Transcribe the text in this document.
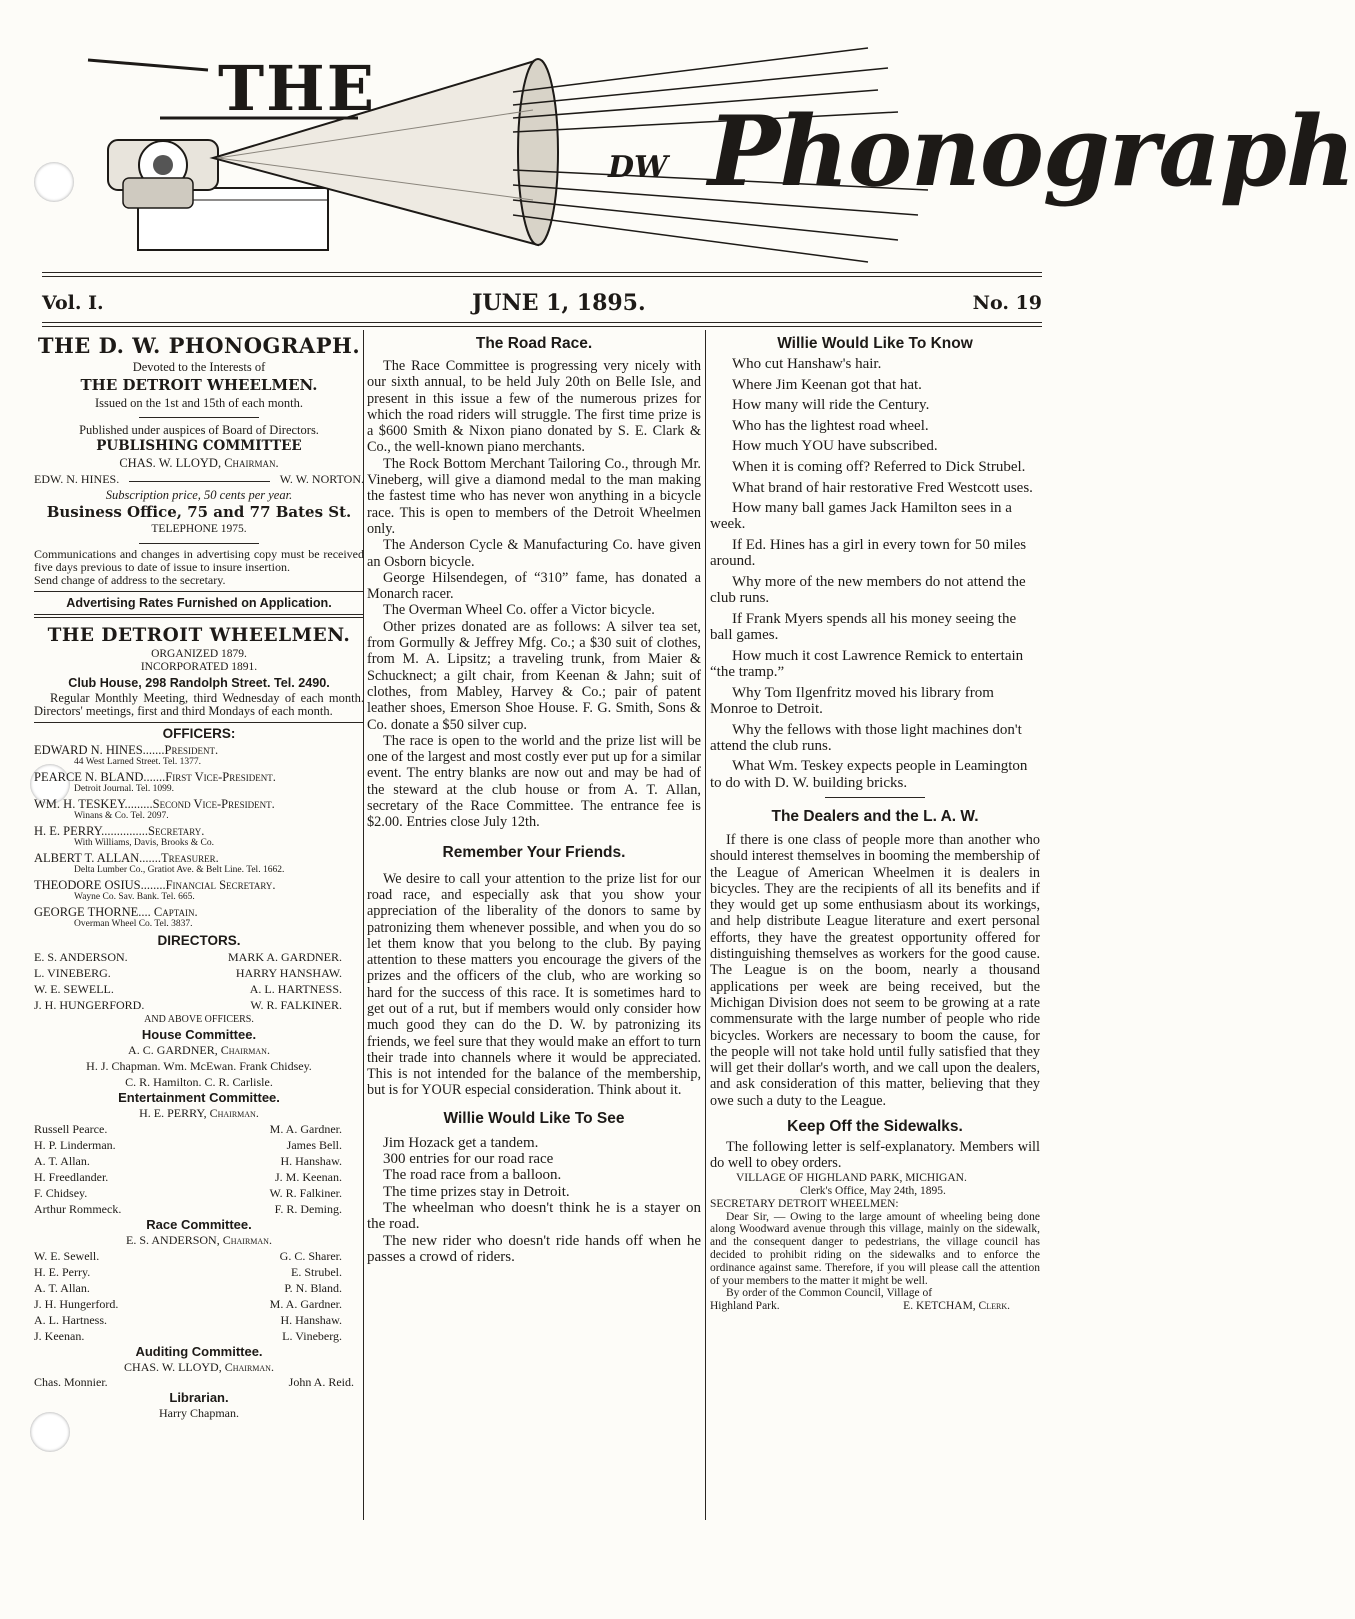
THE
DW Phonograph
Vol. I.	JUNE 1, 1895.	No. 19
THE D. W. PHONOGRAPH.
Devoted to the Interests of
THE DETROIT WHEELMEN.
Issued on the 1st and 15th of each month.
Published under auspices of Board of Directors.
PUBLISHING COMMITTEE
CHAS. W. LLOYD, Chairman.
EDW. N. HINES.	W. W. NORTON.
Subscription price, 50 cents per year.
Business Office, 75 and 77 Bates St.
TELEPHONE 1975.
Communications and changes in advertising copy must be received five days previous to date of issue to insure insertion.
Send change of address to the secretary.
Advertising Rates Furnished on Application.
THE DETROIT WHEELMEN.
ORGANIZED 1879.
INCORPORATED 1891.
Club House, 298 Randolph Street. Tel. 2490.
Regular Monthly Meeting, third Wednesday of each month. Directors' meetings, first and third Mondays of each month.
OFFICERS:
EDWARD N. HINES.......President.
44 West Larned Street. Tel. 1377.
PEARCE N. BLAND.......First Vice-President.
Detroit Journal. Tel. 1099.
WM. H. TESKEY.........Second Vice-President.
Winans & Co. Tel. 2097.
H. E. PERRY...............Secretary.
With Williams, Davis, Brooks & Co.
ALBERT T. ALLAN.......Treasurer.
Delta Lumber Co., Gratiot Ave. & Belt Line. Tel. 1662.
THEODORE OSIUS........Financial Secretary.
Wayne Co. Sav. Bank. Tel. 665.
GEORGE THORNE.... Captain.
Overman Wheel Co. Tel. 3837.
DIRECTORS.
E. S. ANDERSON.	MARK A. GARDNER.
L. VINEBERG.	HARRY HANSHAW.
W. E. SEWELL.	A. L. HARTNESS.
J. H. HUNGERFORD.	W. R. FALKINER.
AND ABOVE OFFICERS.
House Committee.
A. C. GARDNER, Chairman.
H. J. Chapman. Wm. McEwan. Frank Chidsey.
C. R. Hamilton. C. R. Carlisle.
Entertainment Committee.
H. E. PERRY, Chairman.
Russell Pearce.	M. A. Gardner.
H. P. Linderman.	James Bell.
A. T. Allan.	H. Hanshaw.
H. Freedlander.	J. M. Keenan.
F. Chidsey.	W. R. Falkiner.
Arthur Rommeck.	F. R. Deming.
Race Committee.
E. S. ANDERSON, Chairman.
W. E. Sewell.	G. C. Sharer.
H. E. Perry.	E. Strubel.
A. T. Allan.	P. N. Bland.
J. H. Hungerford.	M. A. Gardner.
A. L. Hartness.	H. Hanshaw.
J. Keenan.	L. Vineberg.
Auditing Committee.
CHAS. W. LLOYD, Chairman.
Chas. Monnier.	John A. Reid.
Librarian.
Harry Chapman.
The Road Race.

The Race Committee is progressing very nicely with our sixth annual, to be held July 20th on Belle Isle, and present in this issue a few of the numerous prizes for which the road riders will struggle. The first time prize is a $600 Smith & Nixon piano donated by S. E. Clark & Co., the well-known piano merchants.

The Rock Bottom Merchant Tailoring Co., through Mr. Vineberg, will give a diamond medal to the man making the fastest time who has never won anything in a bicycle race. This is open to members of the Detroit Wheelmen only.

The Anderson Cycle & Manufacturing Co. have given an Osborn bicycle.

George Hilsendegen, of “310” fame, has donated a Monarch racer.

The Overman Wheel Co. offer a Victor bicycle.

Other prizes donated are as follows: A silver tea set, from Gormully & Jeffrey Mfg. Co.; a $30 suit of clothes, from M. A. Lipsitz; a traveling trunk, from Maier & Schucknect; a gilt chair, from Keenan & Jahn; suit of clothes, from Mabley, Harvey & Co.; pair of patent leather shoes, Emerson Shoe House. F. G. Smith, Sons & Co. donate a $50 silver cup.

The race is open to the world and the prize list will be one of the largest and most costly ever put up for a similar event. The entry blanks are now out and may be had of the steward at the club house or from A. T. Allan, secretary of the Race Committee. The entrance fee is $2.00. Entries close July 12th.

Remember Your Friends.
We desire to call your attention to the prize list for our road race, and especially ask that you show your appreciation of the liberality of the donors to same by patronizing them whenever possible, and when you do so let them know that you belong to the club. By paying attention to these matters you encourage the givers of the prizes and the officers of the club, who are working so hard for the success of this race. It is sometimes hard to get out of a rut, but if members would only consider how much good they can do the D. W. by patronizing its friends, we feel sure that they would make an effort to turn their trade into channels where it would be appreciated. This is not intended for the balance of the membership, but is for YOUR especial consideration. Think about it.
Willie Would Like To See
Jim Hozack get a tandem.
300 entries for our road race
The road race from a balloon.
The time prizes stay in Detroit.
The wheelman who doesn't think he is a stayer on the road.
The new rider who doesn't ride hands off when he passes a crowd of riders.
Willie Would Like To Know

Who cut Hanshaw's hair.

Where Jim Keenan got that hat.

How many will ride the Century.

Who has the lightest road wheel.

How much YOU have subscribed.

When it is coming off? Referred to Dick Strubel.

What brand of hair restorative Fred Westcott uses.

How many ball games Jack Hamilton sees in a week.

If Ed. Hines has a girl in every town for 50 miles around.

Why more of the new members do not attend the club runs.

If Frank Myers spends all his money seeing the ball games.

How much it cost Lawrence Remick to entertain “the tramp.”

Why Tom Ilgenfritz moved his library from Monroe to Detroit.

Why the fellows with those light machines don't attend the club runs.

What Wm. Teskey expects people in Leamington to do with D. W. building bricks.

The Dealers and the L. A. W.
If there is one class of people more than another who should interest themselves in booming the membership of the League of American Wheelmen it is dealers in bicycles. They are the recipients of all its benefits and if they would get up some enthusiasm about its workings, and help distribute League literature and exert personal efforts, they have the greatest opportunity offered for distinguishing themselves as workers for the good cause. The League is on the boom, nearly a thousand applications per week are being received, but the Michigan Division does not seem to be growing at a rate commensurate with the large number of people who ride bicycles. Workers are necessary to boom the cause, for the people will not take hold until fully satisfied that they will get their dollar's worth, and we call upon the dealers, and ask consideration of this matter, believing that they owe such a duty to the League.
Keep Off the Sidewalks.
The following letter is self-explanatory. Members will do well to obey orders.
VILLAGE OF HIGHLAND PARK, MICHIGAN.
Clerk's Office, May 24th, 1895.
SECRETARY DETROIT WHEELMEN:
Dear Sir, — Owing to the large amount of wheeling being done along Woodward avenue through this village, mainly on the sidewalk, and the consequent danger to pedestrians, the village council has decided to prohibit riding on the sidewalks and to enforce the ordinance against same. Therefore, if you will please call the attention of your members to the matter it might be well.
By order of the Common Council, Village of
Highland Park.	E. KETCHAM, Clerk.
